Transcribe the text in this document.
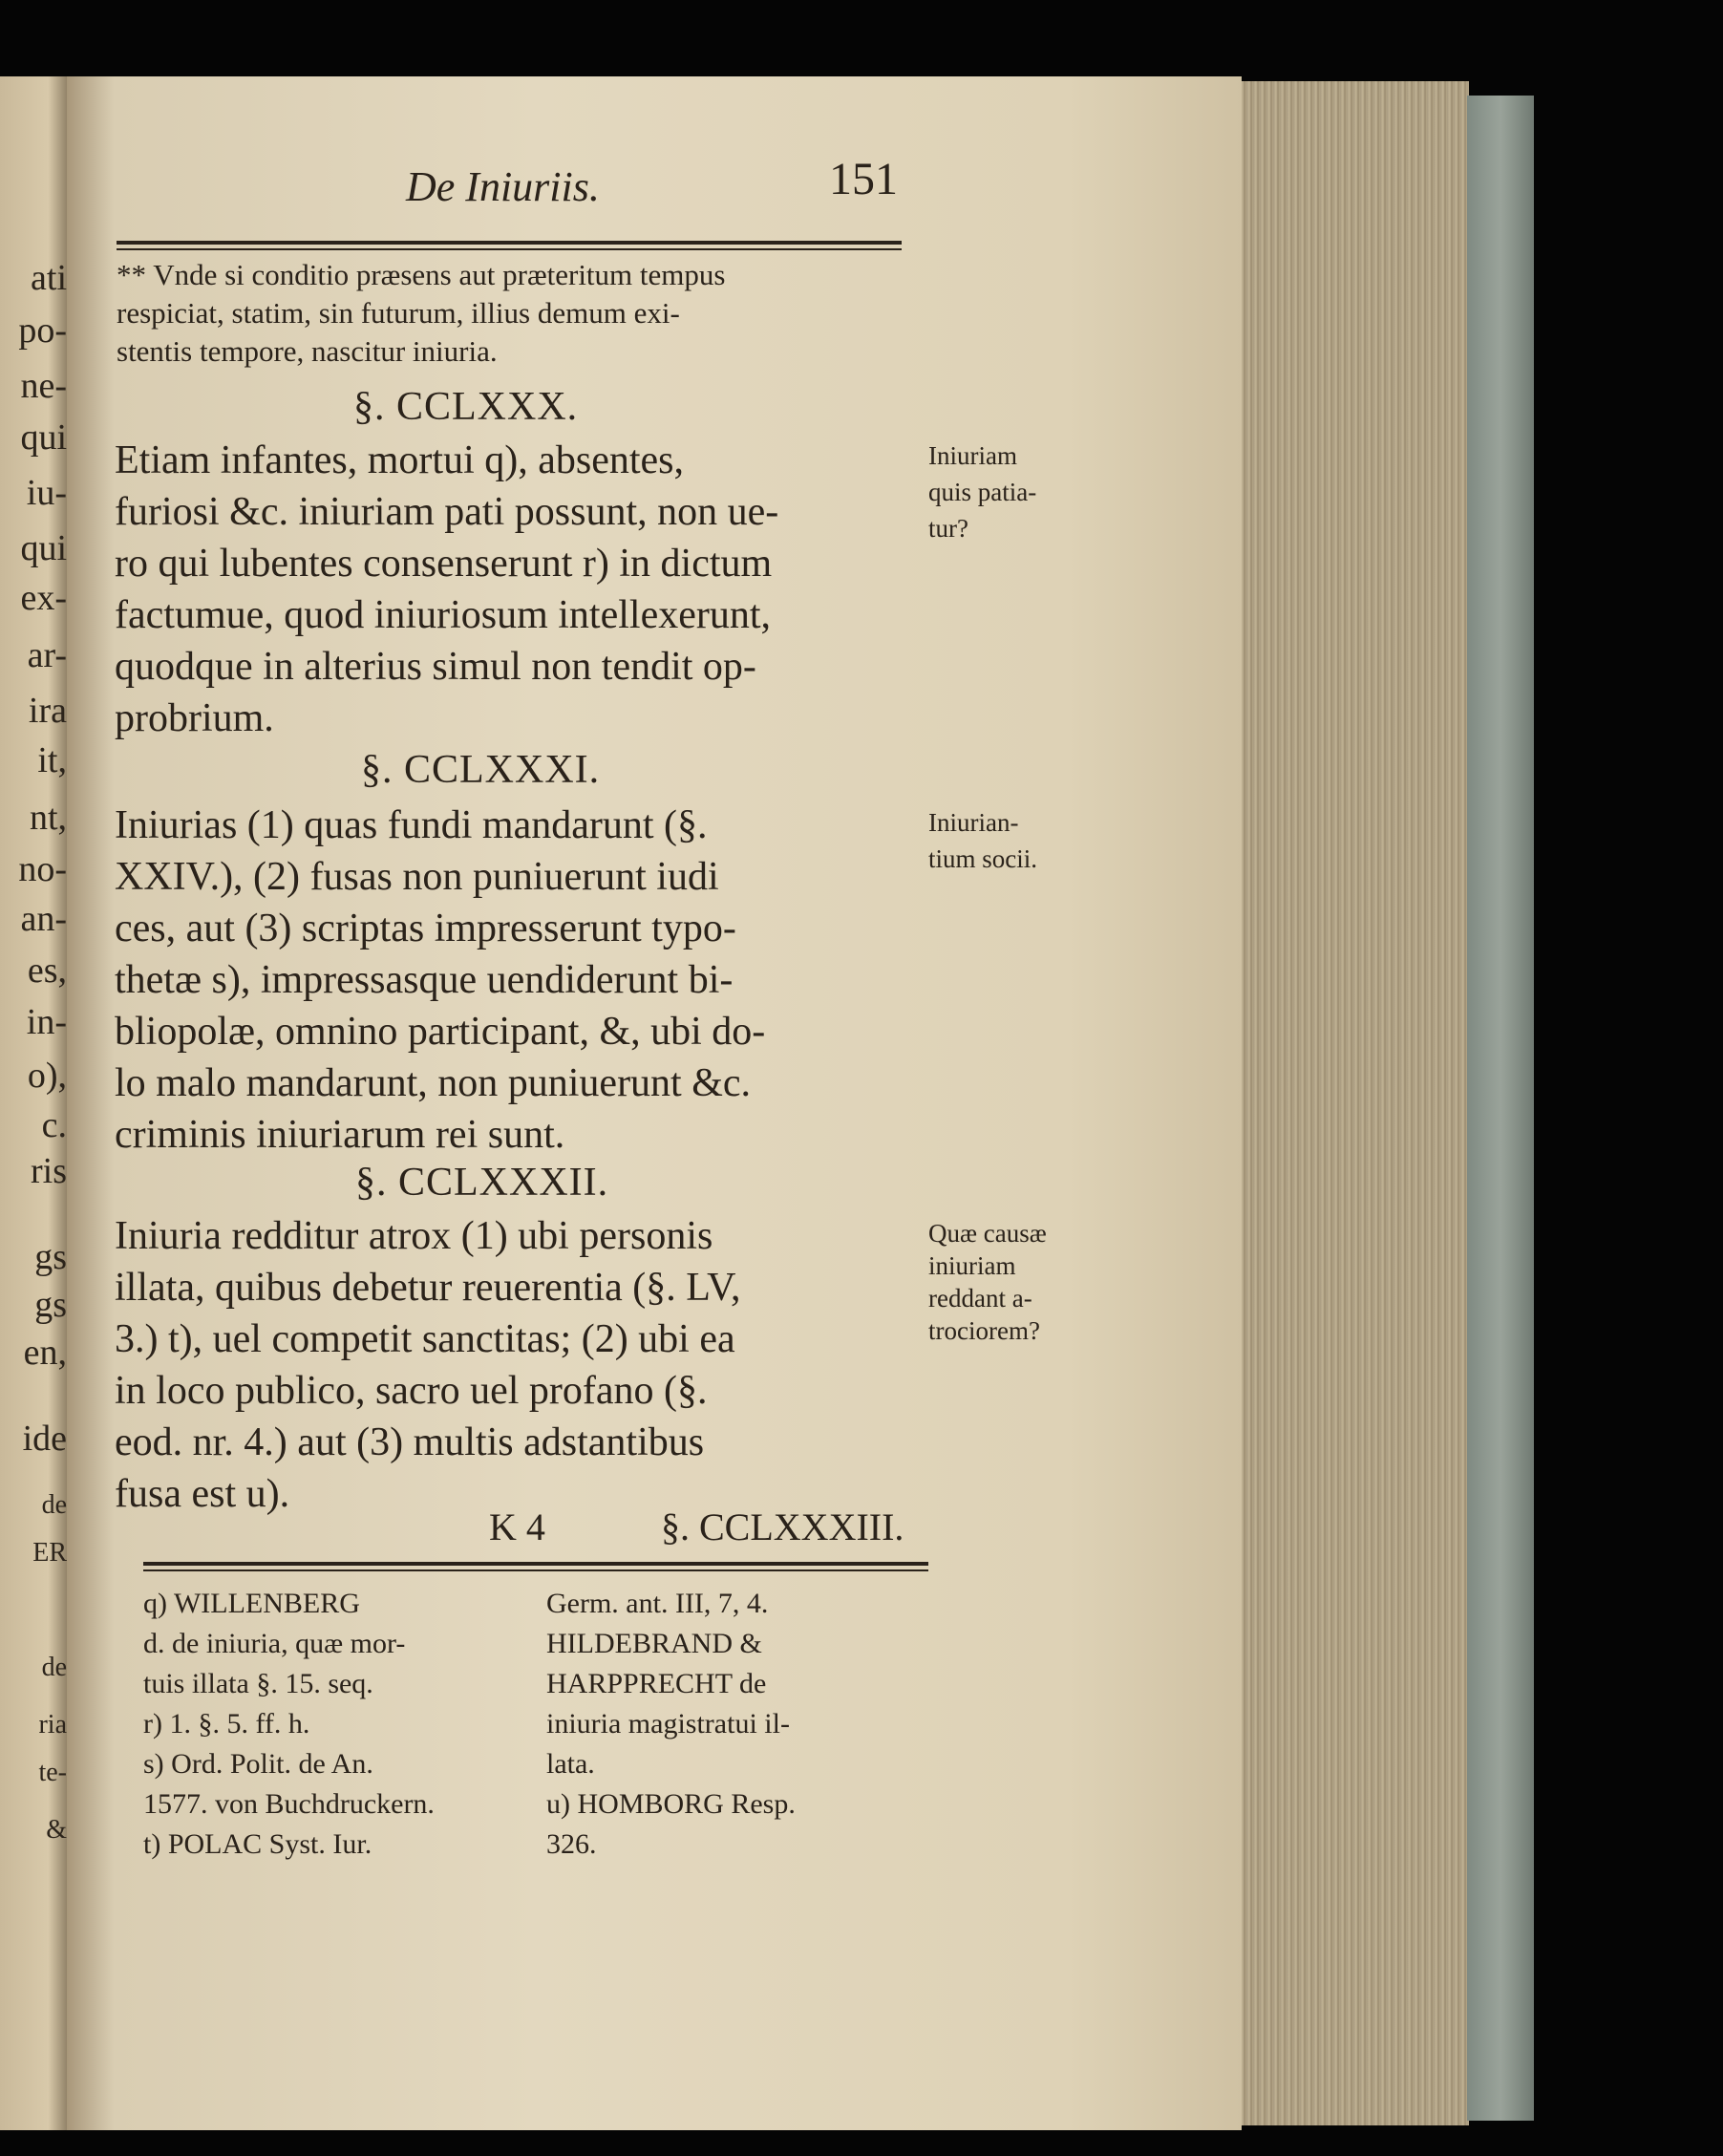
ati
po-
ne-
qui
iu-
qui
ex-
ar-
ira
it,
nt,
no-
an-
es,
in-
o),
c.
ris
gs
gs
en,
ide
de
ER
de
ria
te-
&
De Iniuriis.	151
** Vnde si conditio præsens aut præteritum tempus
respiciat, statim, sin futurum, illius demum exi-
stentis tempore, nascitur iniuria.
§. CCLXXX.
Etiam infantes, mortui q), absentes,
furiosi &c. iniuriam pati possunt, non ue-
ro qui lubentes consenserunt r) in dictum
factumue, quod iniuriosum intellexerunt,
quodque in alterius simul non tendit op-
probrium.
Iniuriam
quis patia-
tur?
§. CCLXXXI.
Iniurias (1) quas fundi mandarunt (§.
XXIV.), (2) fusas non puniuerunt iudi
ces, aut (3) scriptas impresserunt typo-
thetæ s), impressasque uendiderunt bi-
bliopolæ, omnino participant, &, ubi do-
lo malo mandarunt, non puniuerunt &c.
criminis iniuriarum rei sunt.
Iniurian-
tium socii.
§. CCLXXXII.
Iniuria redditur atrox (1) ubi personis
illata, quibus debetur reuerentia (§. LV,
3.) t), uel competit sanctitas; (2) ubi ea
in loco publico, sacro uel profano (§.
eod. nr. 4.) aut (3) multis adstantibus
fusa est u).
Quæ causæ
iniuriam
reddant a-
trociorem?
K 4	§. CCLXXXIII.
q) WILLENBERG
d. de iniuria, quæ mor-
tuis illata §. 15. seq.
r) 1. §. 5. ff. h.
s) Ord. Polit. de An.
1577. von Buchdruckern.
t) POLAC Syst. Iur.
Germ. ant. III, 7, 4.
HILDEBRAND &
HARPPRECHT de
iniuria magistratui il-
lata.
u) HOMBORG Resp.
326.
